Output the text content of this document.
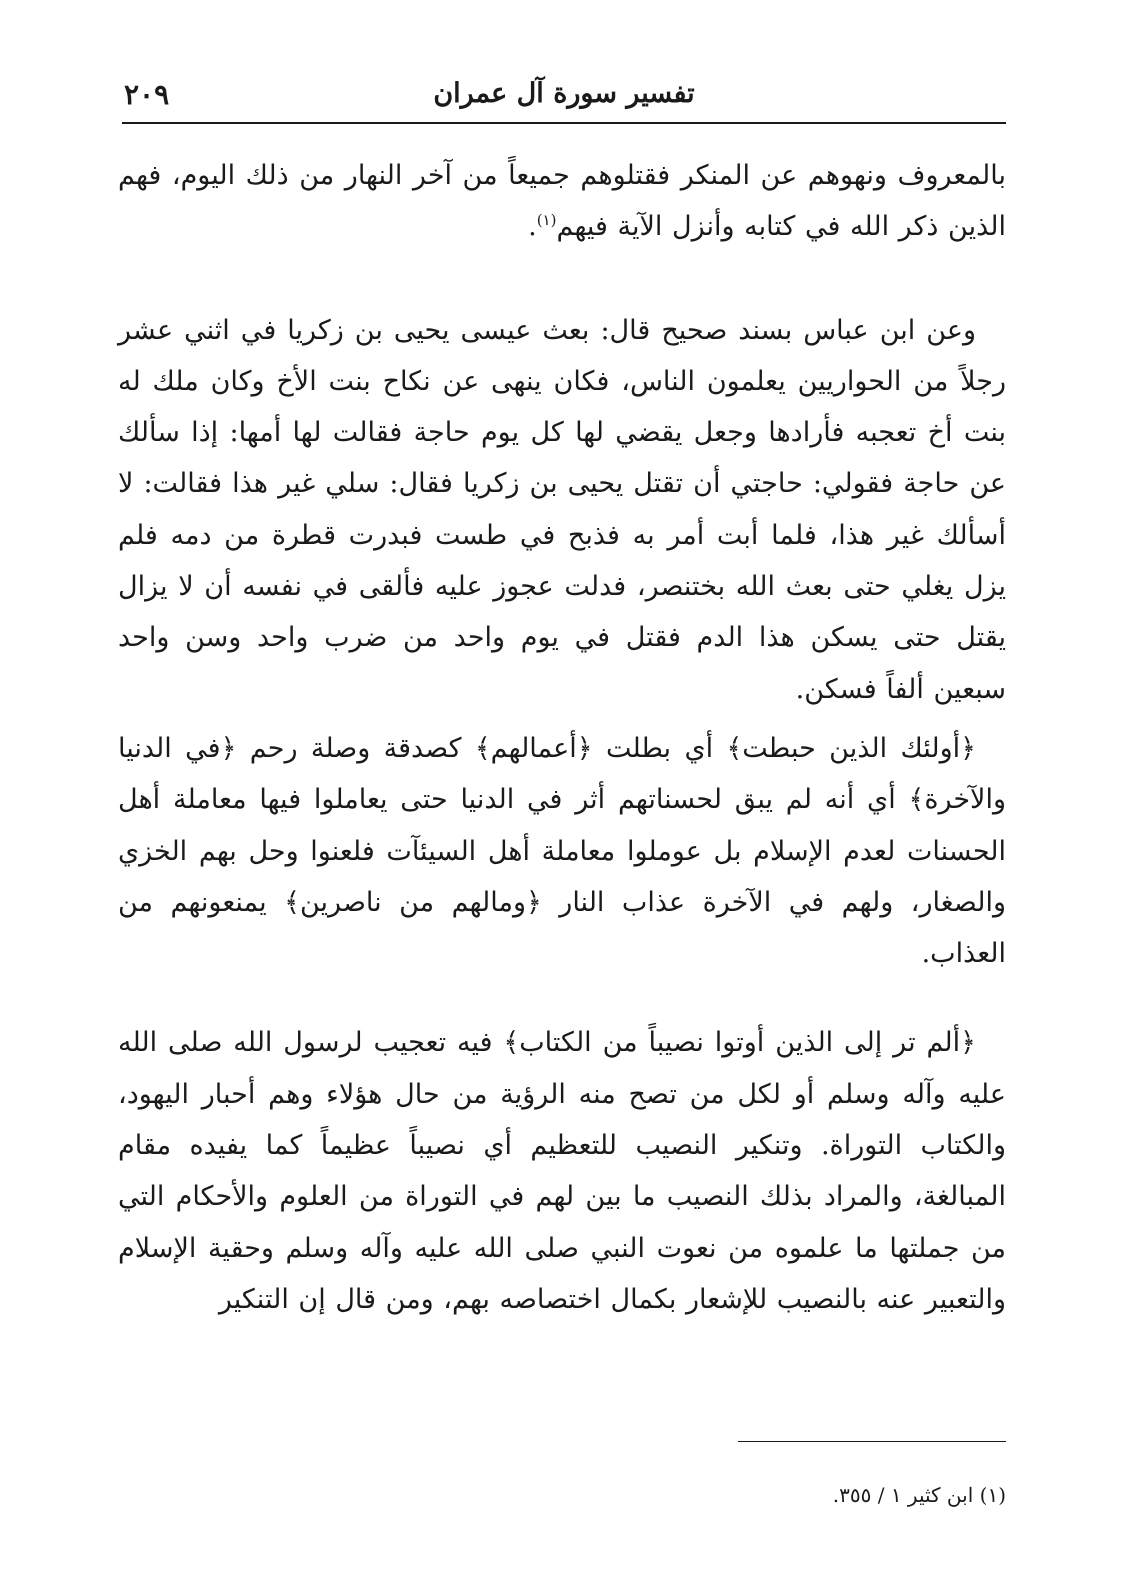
تفسير سورة آل عمران
٢٠٩

بالمعروف ونهوهم عن المنكر فقتلوهم جميعاً من آخر النهار من ذلك اليوم، فهم الذين ذكر الله في كتابه وأنزل الآية فيهم$^{(١)}$.

وعن ابن عباس بسند صحيح قال: بعث عيسى يحيى بن زكريا في اثني عشر رجلاً من الحواريين يعلمون الناس، فكان ينهى عن نكاح بنت الأخ وكان ملك له بنت أخ تعجبه فأرادها وجعل يقضي لها كل يوم حاجة فقالت لها أمها: إذا سألك عن حاجة فقولي: حاجتي أن تقتل يحيى بن زكريا فقال: سلي غير هذا فقالت: لا أسألك غير هذا، فلما أبت أمر به فذبح في طست فبدرت قطرة من دمه فلم يزل يغلي حتى بعث الله بختنصر، فدلت عجوز عليه فألقى في نفسه أن لا يزال يقتل حتى يسكن هذا الدم فقتل في يوم واحد من ضرب واحد وسن واحد سبعين ألفاً فسكن.

﴿أولئك الذين حبطت﴾ أي بطلت ﴿أعمالهم﴾ كصدقة وصلة رحم ﴿في الدنيا والآخرة﴾ أي أنه لم يبق لحسناتهم أثر في الدنيا حتى يعاملوا فيها معاملة أهل الحسنات لعدم الإسلام بل عوملوا معاملة أهل السيئآت فلعنوا وحل بهم الخزي والصغار، ولهم في الآخرة عذاب النار ﴿ومالهم من ناصرين﴾ يمنعونهم من العذاب.

﴿ألم تر إلى الذين أوتوا نصيباً من الكتاب﴾ فيه تعجيب لرسول الله صلى الله عليه وآله وسلم أو لكل من تصح منه الرؤية من حال هؤلاء وهم أحبار اليهود، والكتاب التوراة. وتنكير النصيب للتعظيم أي نصيباً عظيماً كما يفيده مقام المبالغة، والمراد بذلك النصيب ما بين لهم في التوراة من العلوم والأحكام التي من جملتها ما علموه من نعوت النبي صلى الله عليه وآله وسلم وحقية الإسلام والتعبير عنه بالنصيب للإشعار بكمال اختصاصه بهم، ومن قال إن التنكير

(١) ابن كثير ١ / ٣٥٥.
